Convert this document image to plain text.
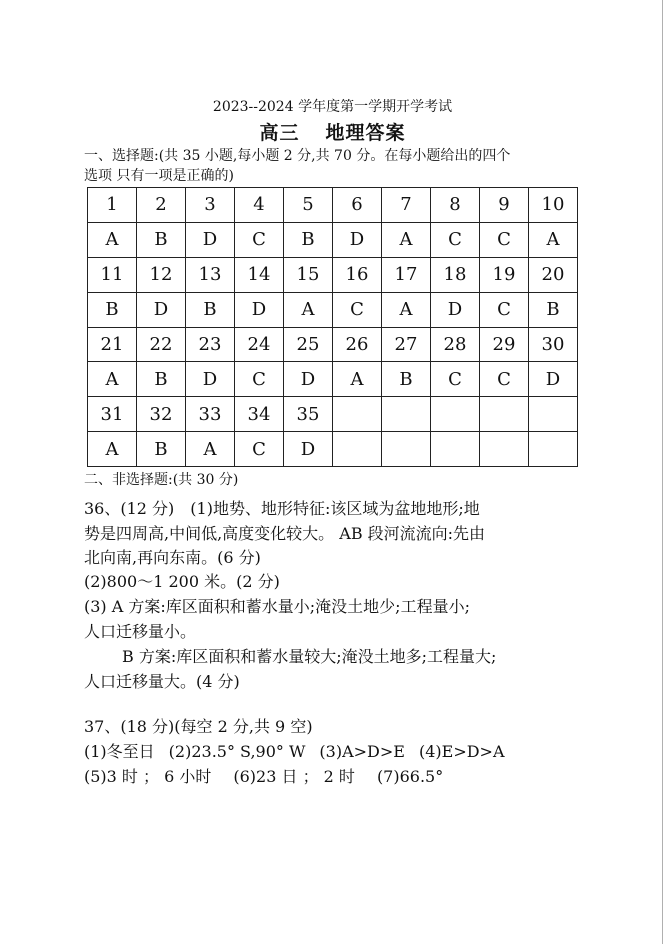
2023--2024 学年度第一学期开学考试
高三 地理答案
一、选择题:(共 35 小题,每小题 2 分,共 70 分。在每小题给出的四个
选项 只有一项是正确的)
1	2	3	4	5	6	7	8	9	10
A	B	D	C	B	D	A	C	C	A
11	12	13	14	15	16	17	18	19	20
B	D	B	D	A	C	A	D	C	B
21	22	23	24	25	26	27	28	29	30
A	B	D	C	D	A	B	C	C	D
31	32	33	34	35					
A	B	A	C	D					
二、非选择题:(共 30 分)
36、(12 分)　(1)地势、地形特征:该区域为盆地地形;地
势是四周高,中间低,高度变化较大。 AB 段河流流向:先由
北向南,再向东南。(6 分)
(2)800～1 200 米。(2 分)
(3) A 方案:库区面积和蓄水量小;淹没土地少;工程量小;
人口迁移量小。
B 方案:库区面积和蓄水量较大;淹没土地多;工程量大;
人口迁移量大。(4 分)
37、(18 分)(每空 2 分,共 9 空)
(1)冬至日 (2)23.5° S,90° W (3)A>D>E (4)E>D>A
(5)3 时 ； 6 小时 (6)23 日 ； 2 时 (7)66.5°
